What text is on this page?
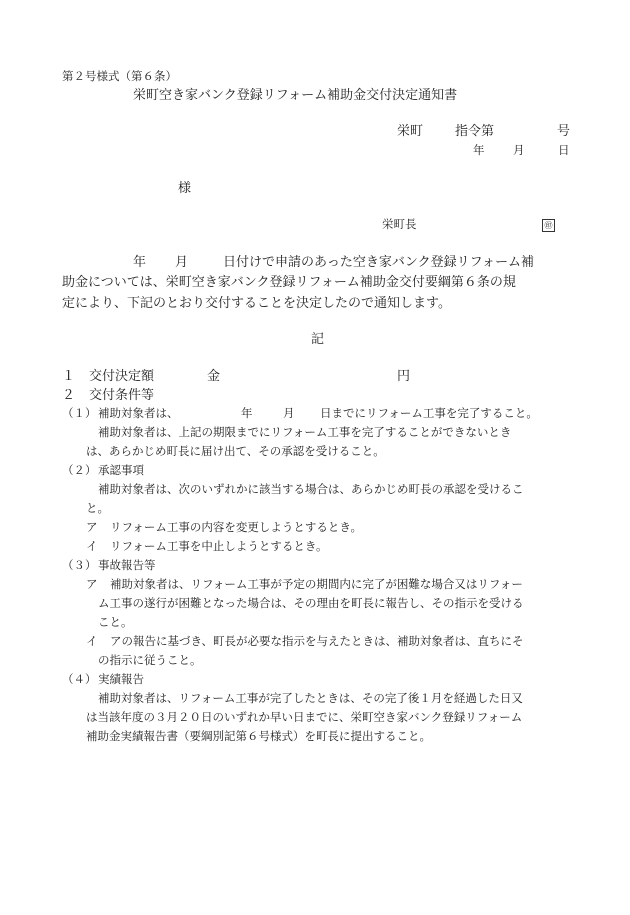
第２号様式（第６条）
栄町空き家バンク登録リフォーム補助金交付決定通知書
栄町 指令第	号
年 月	日
様
栄町長	㊞
年 月	日付けで申請のあった空き家バンク登録リフォーム補
助金については、栄町空き家バンク登録リフォーム補助金交付要綱第６条の規
定により、下記のとおり交付することを決定したので通知します。
記
１ 交付決定額	金	円
２ 交付条件等
（１） 補助対象者は、	年	月 日までにリフォーム工事を完了すること。
補助対象者は、上記の期限までにリフォーム工事を完了することができないとき
は、あらかじめ町長に届け出て、その承認を受けること。
（２） 承認事項
補助対象者は、次のいずれかに該当する場合は、あらかじめ町長の承認を受けるこ
と。
ア リフォーム工事の内容を変更しようとするとき。
イ リフォーム工事を中止しようとするとき。
（３） 事故報告等
ア 補助対象者は、リフォーム工事が予定の期間内に完了が困難な場合又はリフォー
ム工事の遂行が困難となった場合は、その理由を町長に報告し、その指示を受ける
こと。
イ アの報告に基づき、町長が必要な指示を与えたときは、補助対象者は、直ちにそ
の指示に従うこと。
（４） 実績報告
補助対象者は、リフォーム工事が完了したときは、その完了後１月を経過した日又
は当該年度の３月２０日のいずれか早い日までに、栄町空き家バンク登録リフォーム
補助金実績報告書（要綱別記第６号様式）を町長に提出すること。
